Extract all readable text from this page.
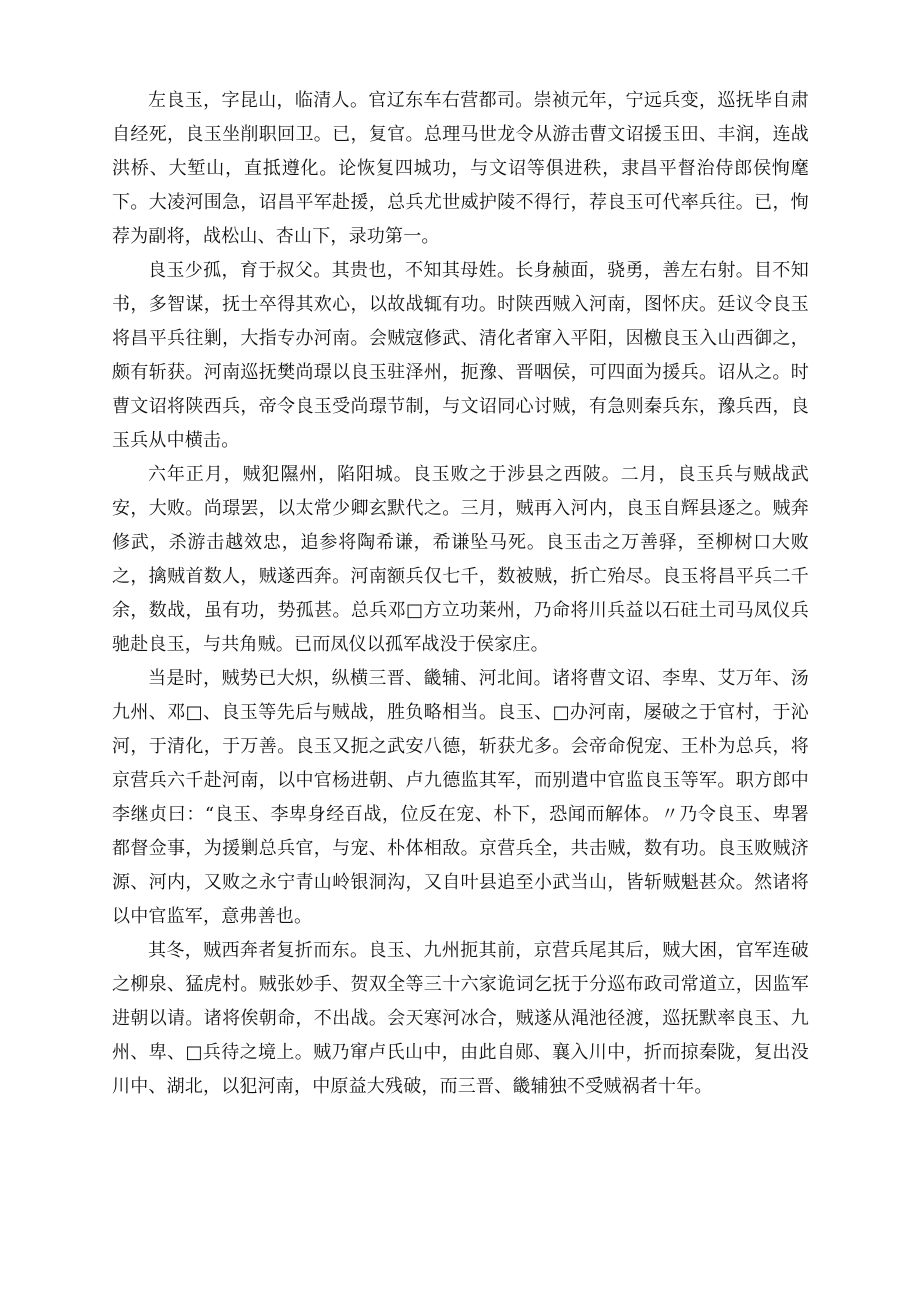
左良玉，字昆山，临清人。官辽东车右营都司。崇祯元年，宁远兵变，巡抚毕自肃自经死，良玉坐削职回卫。已，复官。总理马世龙令从游击曹文诏援玉田、丰润，连战洪桥、大堑山，直抵遵化。论恢复四城功，与文诏等俱进秩，隶昌平督治侍郎侯恂麾下。大凌河围急，诏昌平军赴援，总兵尤世威护陵不得行，荐良玉可代率兵往。已，恂荐为副将，战松山、杏山下，录功第一。

良玉少孤，育于叔父。其贵也，不知其母姓。长身赪面，骁勇，善左右射。目不知书，多智谋，抚士卒得其欢心，以故战辄有功。时陕西贼入河南，图怀庆。廷议令良玉将昌平兵往剿，大指专办河南。会贼寇修武、清化者窜入平阳，因檄良玉入山西御之，颇有斩获。河南巡抚樊尚璟以良玉驻泽州，扼豫、晋咽侯，可四面为援兵。诏从之。时曹文诏将陕西兵，帝令良玉受尚璟节制，与文诏同心讨贼，有急则秦兵东，豫兵西，良玉兵从中横击。

六年正月，贼犯隰州，陷阳城。良玉败之于涉县之西陂。二月，良玉兵与贼战武安，大败。尚璟罢，以太常少卿玄默代之。三月，贼再入河内，良玉自辉县逐之。贼奔修武，杀游击越效忠，追参将陶希谦，希谦坠马死。良玉击之万善驿，至柳树口大败之，擒贼首数人，贼遂西奔。河南额兵仅七千，数被贼，折亡殆尽。良玉将昌平兵二千余，数战，虽有功，势孤甚。总兵邓□方立功莱州，乃命将川兵益以石砫土司马凤仪兵驰赴良玉，与共角贼。已而凤仪以孤军战没于侯家庄。

当是时，贼势已大炽，纵横三晋、畿辅、河北间。诸将曹文诏、李卑、艾万年、汤九州、邓□、良玉等先后与贼战，胜负略相当。良玉、□办河南，屡破之于官村，于沁河，于清化，于万善。良玉又扼之武安八德，斩获尤多。会帝命倪宠、王朴为总兵，将京营兵六千赴河南，以中官杨进朝、卢九德监其军，而别遣中官监良玉等军。职方郎中李继贞曰：“良玉、李卑身经百战，位反在宠、朴下，恐闻而解体。〃乃令良玉、卑署都督佥事，为援剿总兵官，与宠、朴体相敌。京营兵全，共击贼，数有功。良玉败贼济源、河内，又败之永宁青山岭银洞沟，又自叶县追至小武当山，皆斩贼魁甚众。然诸将以中官监军，意弗善也。

其冬，贼西奔者复折而东。良玉、九州扼其前，京营兵尾其后，贼大困，官军连破之柳泉、猛虎村。贼张妙手、贺双全等三十六家诡词乞抚于分巡布政司常道立，因监军进朝以请。诸将俟朝命，不出战。会天寒河冰合，贼遂从渑池径渡，巡抚默率良玉、九州、卑、□兵待之境上。贼乃窜卢氏山中，由此自郧、襄入川中，折而掠秦陇，复出没川中、湖北，以犯河南，中原益大残破，而三晋、畿辅独不受贼祸者十年。
